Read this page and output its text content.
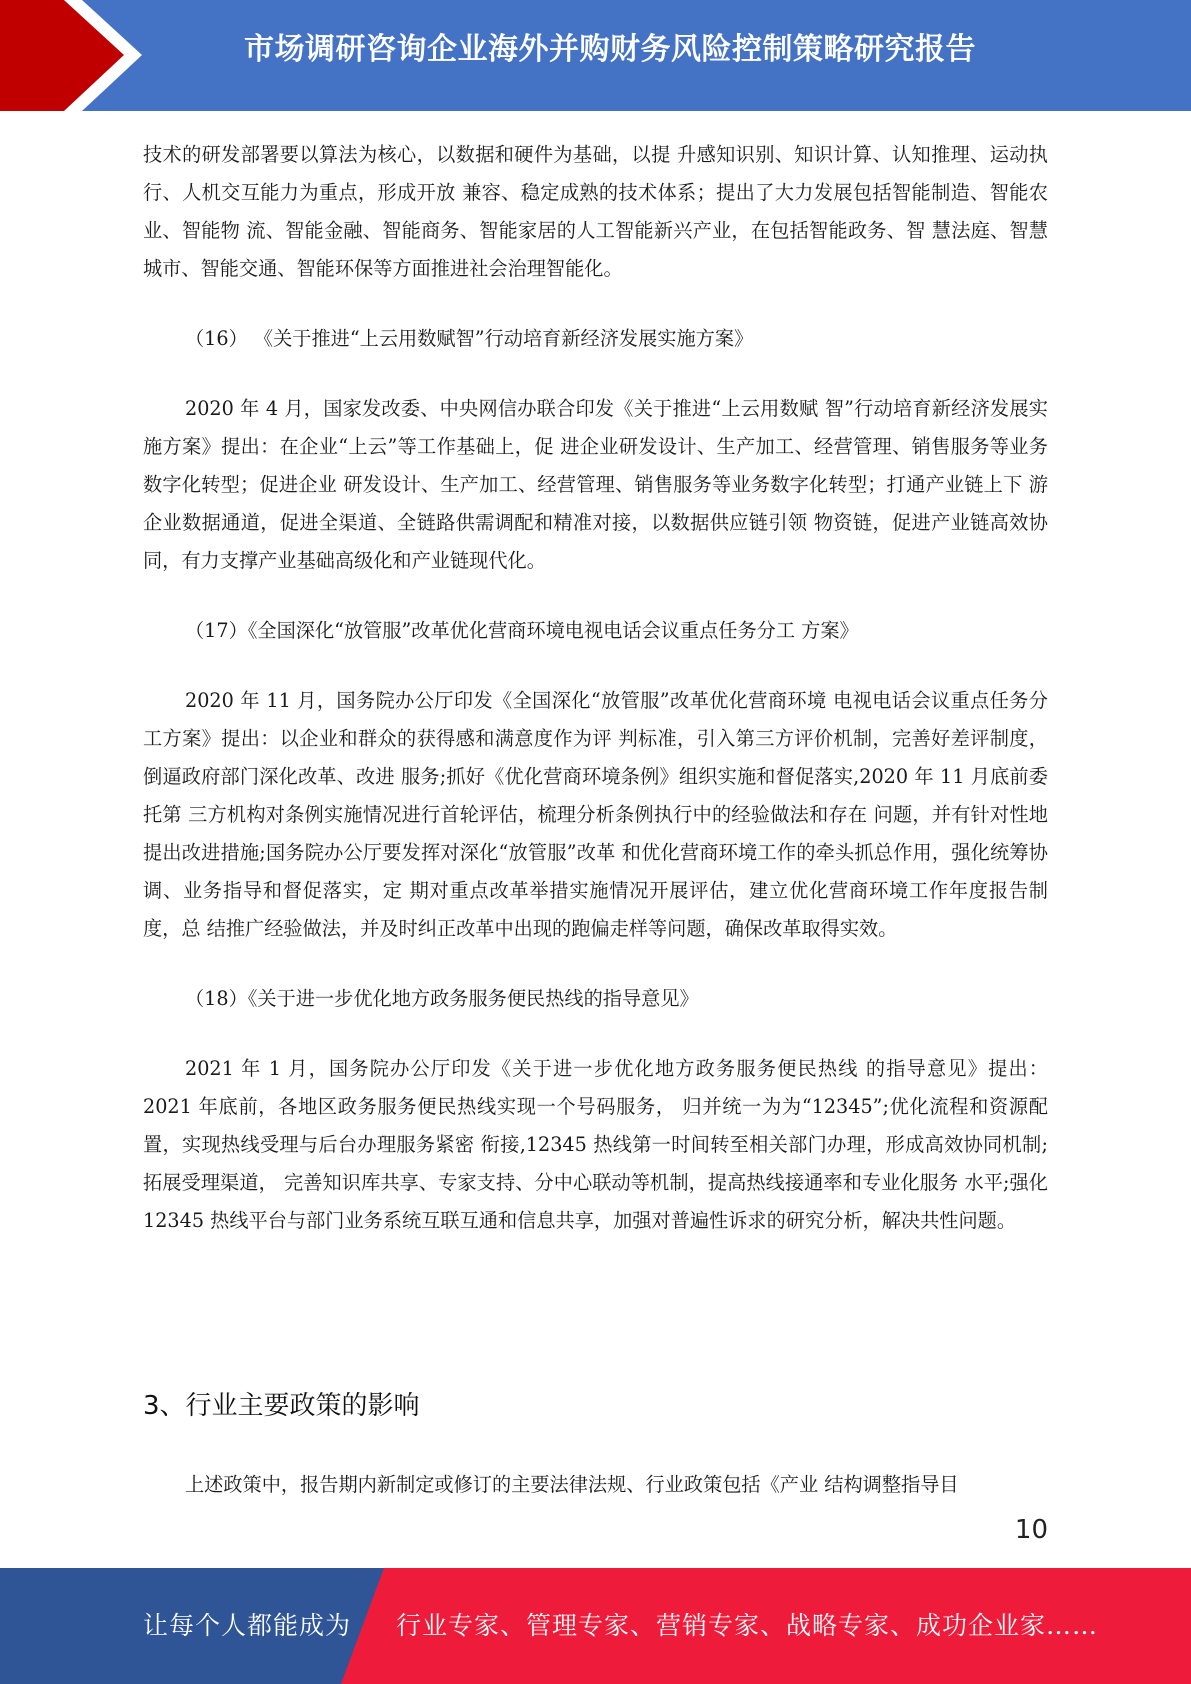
市场调研咨询企业海外并购财务风险控制策略研究报告

技术的研发部署要以算法为核心，以数据和硬件为基础，以提 升感知识别、知识计算、认知推理、运动执行、人机交互能力为重点，形成开放 兼容、稳定成熟的技术体系；提出了大力发展包括智能制造、智能农业、智能物 流、智能金融、智能商务、智能家居的人工智能新兴产业，在包括智能政务、智 慧法庭、智慧城市、智能交通、智能环保等方面推进社会治理智能化。

（16） 《关于推进“上云用数赋智”行动培育新经济发展实施方案》

2020 年 4 月，国家发改委、中央网信办联合印发《关于推进“上云用数赋 智”行动培育新经济发展实施方案》提出：在企业“上云”等工作基础上，促 进企业研发设计、生产加工、经营管理、销售服务等业务数字化转型；促进企业 研发设计、生产加工、经营管理、销售服务等业务数字化转型；打通产业链上下 游企业数据通道，促进全渠道、全链路供需调配和精准对接，以数据供应链引领 物资链，促进产业链高效协同，有力支撑产业基础高级化和产业链现代化。

（17）《全国深化“放管服”改革优化营商环境电视电话会议重点任务分工 方案》

2020 年 11 月，国务院办公厅印发《全国深化“放管服”改革优化营商环境 电视电话会议重点任务分工方案》提出：以企业和群众的获得感和满意度作为评 判标准，引入第三方评价机制，完善好差评制度，倒逼政府部门深化改革、改进 服务;抓好《优化营商环境条例》组织实施和督促落实,2020 年 11 月底前委托第 三方机构对条例实施情况进行首轮评估，梳理分析条例执行中的经验做法和存在 问题，并有针对性地提出改进措施;国务院办公厅要发挥对深化“放管服”改革 和优化营商环境工作的牵头抓总作用，强化统筹协调、业务指导和督促落实，定 期对重点改革举措实施情况开展评估，建立优化营商环境工作年度报告制度，总 结推广经验做法，并及时纠正改革中出现的跑偏走样等问题，确保改革取得实效。

（18）《关于进一步优化地方政务服务便民热线的指导意见》

2021 年 1 月，国务院办公厅印发《关于进一步优化地方政务服务便民热线 的指导意见》提出：2021 年底前，各地区政务服务便民热线实现一个号码服务， 归并统一为为“12345”;优化流程和资源配置，实现热线受理与后台办理服务紧密 衔接,12345 热线第一时间转至相关部门办理，形成高效协同机制;拓展受理渠道， 完善知识库共享、专家支持、分中心联动等机制，提高热线接通率和专业化服务 水平;强化 12345 热线平台与部门业务系统互联互通和信息共享，加强对普遍性诉求的研究分析，解决共性问题。

3、行业主要政策的影响

上述政策中，报告期内新制定或修订的主要法律法规、行业政策包括《产业 结构调整指导目

10
让每个人都能成为 行业专家、管理专家、营销专家、战略专家、成功企业家……
